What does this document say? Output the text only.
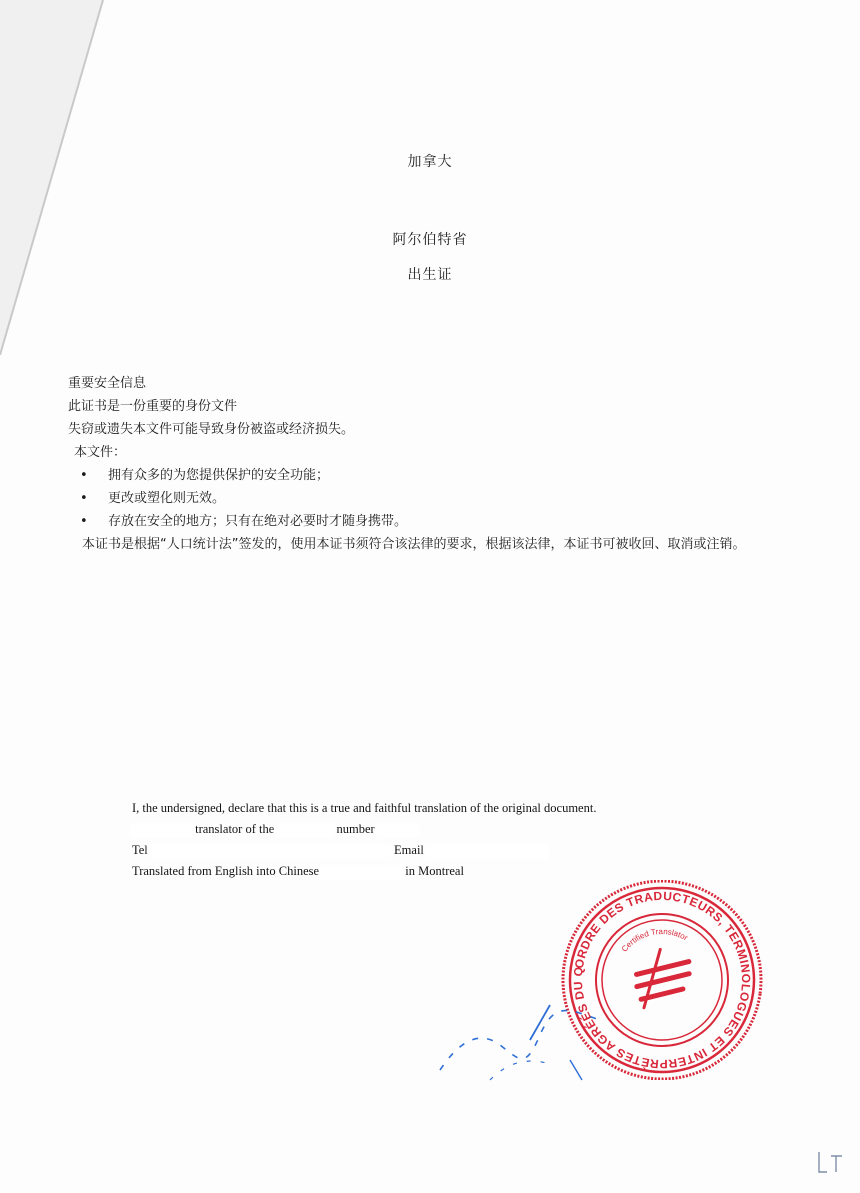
加拿大
阿尔伯特省
出生证
重要安全信息
此证书是一份重要的身份文件
失窃或遗失本文件可能导致身份被盗或经济损失。
本文件：
• 拥有众多的为您提供保护的安全功能；
• 更改或塑化则无效。
• 存放在安全的地方；只有在绝对必要时才随身携带。
本证书是根据“人口统计法”签发的，使用本证书须符合该法律的要求，根据该法律，本证书可被收回、取消或注销。
I, the undersigned, declare that this is a true and faithful translation of the original document.
translator of the	number
Tel	Email
Translated from English into Chinese	in Montreal
ORDRE DES TRADUCTEURS, TERMINOLOGUES ET INTERPRÈTES AGRÉÉS DU QUÉBEC
Certified Translator
